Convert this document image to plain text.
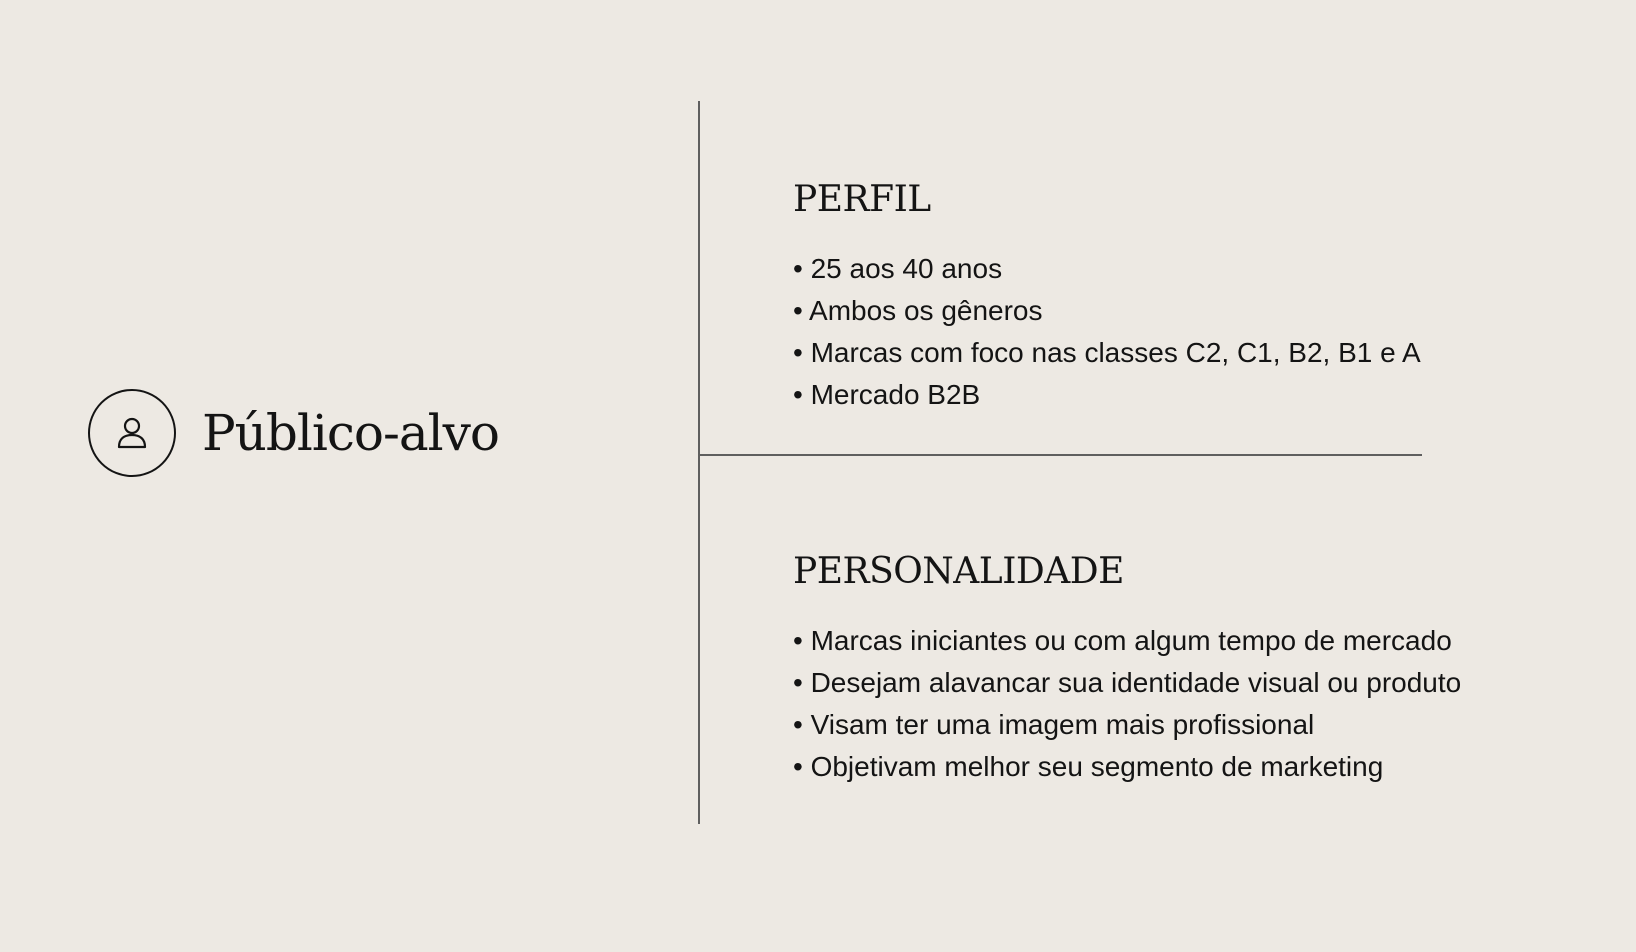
Público-alvo
PERFIL
• 25 aos 40 anos
• Ambos os gêneros
• Marcas com foco nas classes C2, C1, B2, B1 e A
• Mercado B2B
PERSONALIDADE
• Marcas iniciantes ou com algum tempo de mercado
• Desejam alavancar sua identidade visual ou produto
• Visam ter uma imagem mais profissional
• Objetivam melhor seu segmento de marketing
